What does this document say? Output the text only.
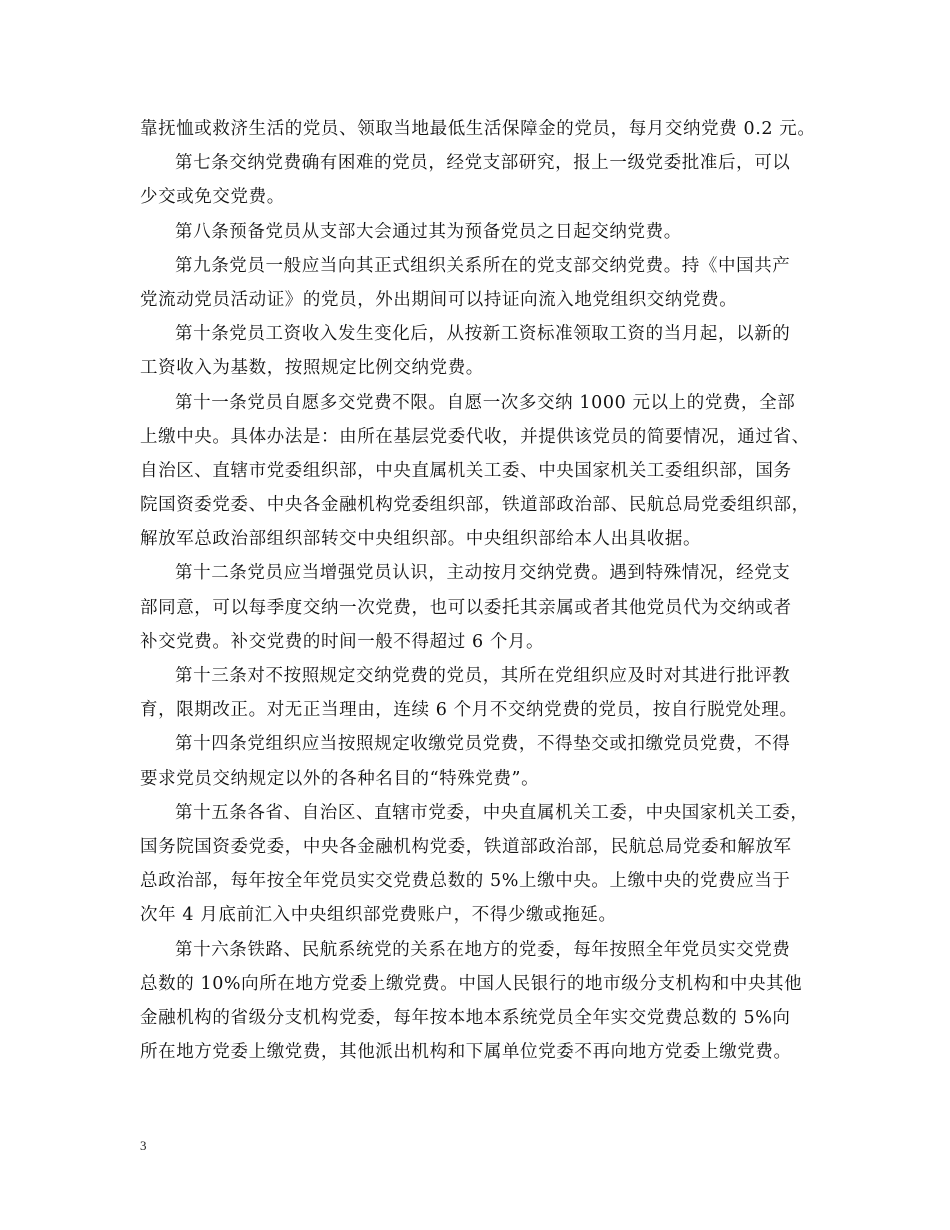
靠抚恤或救济生活的党员、领取当地最低生活保障金的党员，每月交纳党费 0.2 元。
第七条交纳党费确有困难的党员，经党支部研究，报上一级党委批准后，可以
少交或免交党费。
第八条预备党员从支部大会通过其为预备党员之日起交纳党费。
第九条党员一般应当向其正式组织关系所在的党支部交纳党费。持《中国共产
党流动党员活动证》的党员，外出期间可以持证向流入地党组织交纳党费。
第十条党员工资收入发生变化后，从按新工资标准领取工资的当月起，以新的
工资收入为基数，按照规定比例交纳党费。
第十一条党员自愿多交党费不限。自愿一次多交纳 1000 元以上的党费，全部
上缴中央。具体办法是：由所在基层党委代收，并提供该党员的简要情况，通过省、
自治区、直辖市党委组织部，中央直属机关工委、中央国家机关工委组织部，国务
院国资委党委、中央各金融机构党委组织部，铁道部政治部、民航总局党委组织部，
解放军总政治部组织部转交中央组织部。中央组织部给本人出具收据。
第十二条党员应当增强党员认识，主动按月交纳党费。遇到特殊情况，经党支
部同意，可以每季度交纳一次党费，也可以委托其亲属或者其他党员代为交纳或者
补交党费。补交党费的时间一般不得超过 6 个月。
第十三条对不按照规定交纳党费的党员，其所在党组织应及时对其进行批评教
育，限期改正。对无正当理由，连续 6 个月不交纳党费的党员，按自行脱党处理。
第十四条党组织应当按照规定收缴党员党费，不得垫交或扣缴党员党费，不得
要求党员交纳规定以外的各种名目的“特殊党费”。
第十五条各省、自治区、直辖市党委，中央直属机关工委，中央国家机关工委，
国务院国资委党委，中央各金融机构党委，铁道部政治部，民航总局党委和解放军
总政治部，每年按全年党员实交党费总数的 5%上缴中央。上缴中央的党费应当于
次年 4 月底前汇入中央组织部党费账户，不得少缴或拖延。
第十六条铁路、民航系统党的关系在地方的党委，每年按照全年党员实交党费
总数的 10%向所在地方党委上缴党费。中国人民银行的地市级分支机构和中央其他
金融机构的省级分支机构党委，每年按本地本系统党员全年实交党费总数的 5%向
所在地方党委上缴党费，其他派出机构和下属单位党委不再向地方党委上缴党费。
3
